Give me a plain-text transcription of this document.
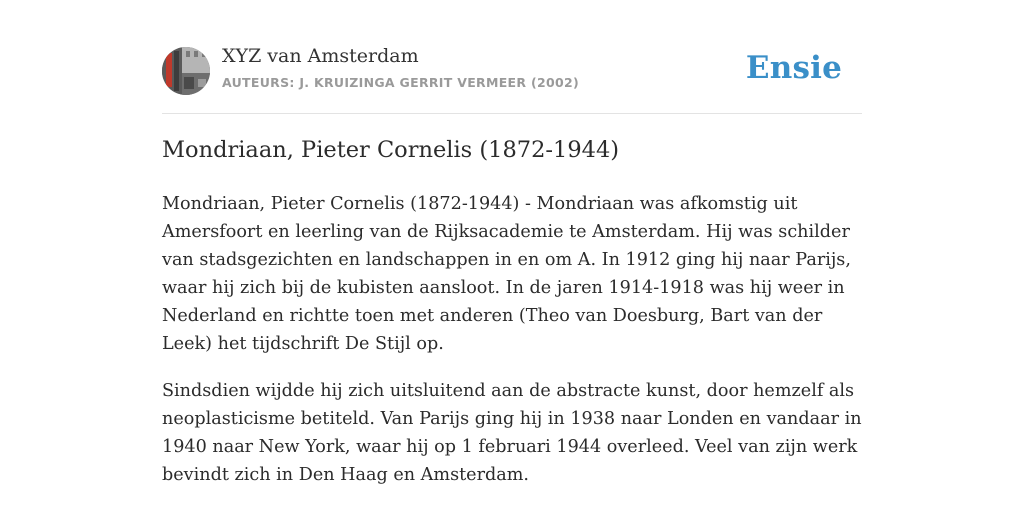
XYZ van Amsterdam
AUTEURS: J. KRUIZINGA GERRIT VERMEER (2002)	Ensie
Mondriaan, Pieter Cornelis (1872-1944)

Mondriaan, Pieter Cornelis (1872-1944) - Mondriaan was afkomstig uit Amersfoort en leerling van de Rijksacademie te Amsterdam. Hij was schilder van stadsgezichten en landschappen in en om A. In 1912 ging hij naar Parijs, waar hij zich bij de kubisten aansloot. In de jaren 1914-1918 was hij weer in Nederland en richtte toen met anderen (Theo van Doesburg, Bart van der Leek) het tijdschrift De Stijl op.

Sindsdien wijdde hij zich uitsluitend aan de abstracte kunst, door hemzelf als neoplasticisme betiteld. Van Parijs ging hij in 1938 naar Londen en vandaar in 1940 naar New York, waar hij op 1 februari 1944 overleed. Veel van zijn werk bevindt zich in Den Haag en Amsterdam.
